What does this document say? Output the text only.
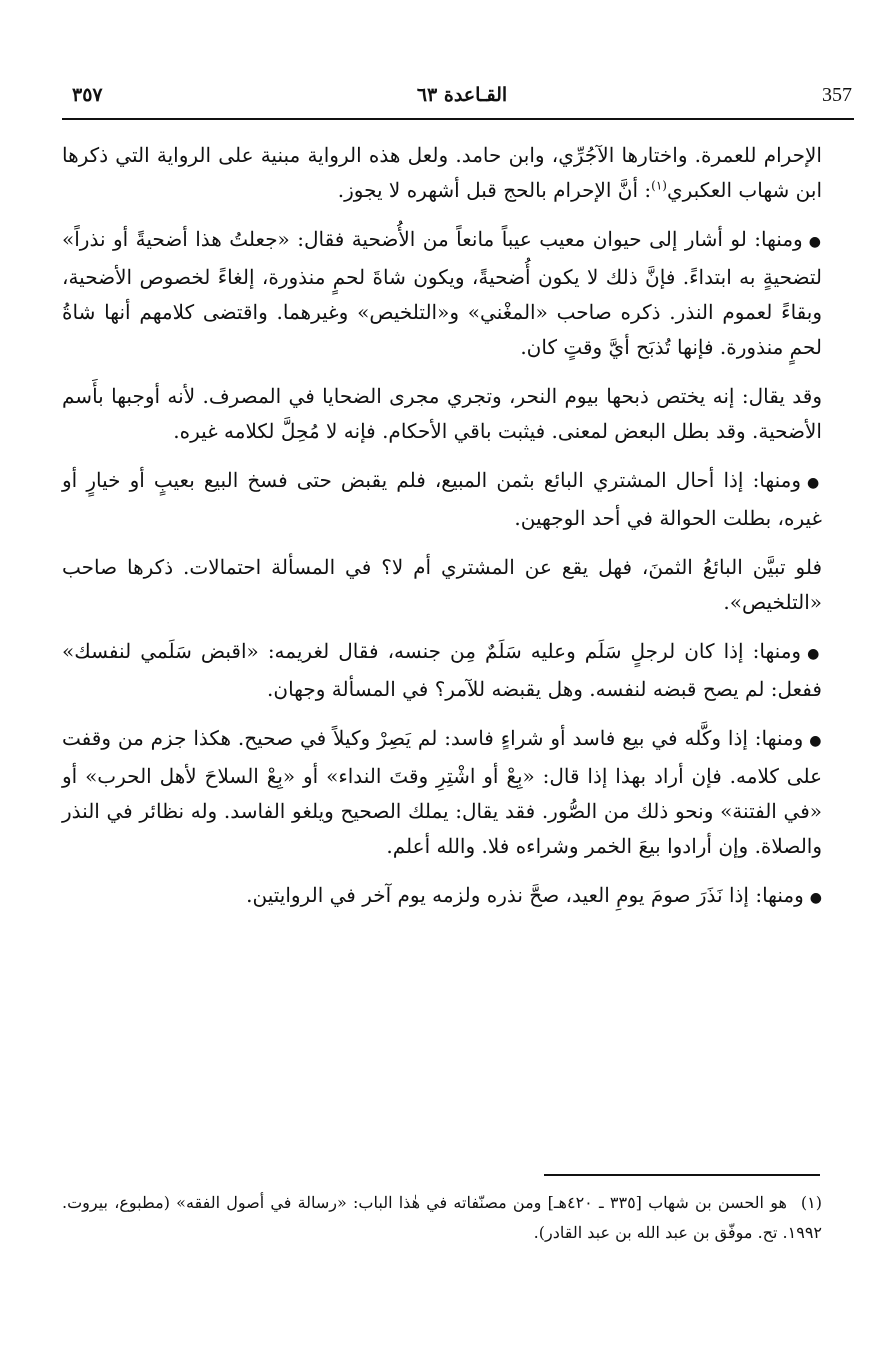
٣٥٧	القـاعدة ٦٣	357

الإحرام للعمرة. واختارها الآجُرِّي، وابن حامد. ولعل هذه الرواية مبنية على الرواية التي ذكرها ابن شهاب العكبري$^{(١)}$: أنَّ الإحرام بالحج قبل أشهره لا يجوز.

●ومنها: لو أشار إلى حيوان معيب عيباً مانعاً من الأُضحية فقال: «جعلتُ هذا أضحيةً أو نذراً» لتضحيةٍ به ابتداءً. فإنَّ ذلك لا يكون أُضحيةً، ويكون شاةَ لحمٍ منذورة، إلغاءً لخصوص الأضحية، وبقاءً لعموم النذر. ذكره صاحب «المغْني» و«التلخيص» وغيرهما. واقتضى كلامهم أنها شاةُ لحمٍ منذورة. فإنها تُذبَح أيَّ وقتٍ كان.

وقد يقال: إنه يختص ذبحها بيوم النحر، وتجري مجرى الضحايا في المصرف. لأنه أوجبها بأَسم الأضحية. وقد بطل البعض لمعنى. فيثبت باقي الأحكام. فإنه لا مُحِلَّ لكلامه غيره.

●ومنها: إذا أحال المشتري البائع بثمن المبيع، فلم يقبض حتى فسخ البيع بعيبٍ أو خيارٍ أو غيره، بطلت الحوالة في أحد الوجهين.

فلو تبيَّن البائعُ الثمنَ، فهل يقع عن المشتري أم لا؟ في المسألة احتمالات. ذكرها صاحب «التلخيص».

●ومنها: إذا كان لرجلٍ سَلَم وعليه سَلَمٌ مِن جنسه، فقال لغريمه: «اقبض سَلَمي لنفسك» ففعل: لم يصح قبضه لنفسه. وهل يقبضه للآمر؟ في المسألة وجهان.

●ومنها: إذا وكَّله في بيع فاسد أو شراءٍ فاسد: لم يَصِرْ وكيلاً في صحيح. هكذا جزم من وقفت على كلامه. فإن أراد بهذا إذا قال: «بِعْ أو اشْتِرِ وقتَ النداء» أو «بِعْ السلاحَ لأهل الحرب» أو «في الفتنة» ونحو ذلك من الصُّور. فقد يقال: يملك الصحيح ويلغو الفاسد. وله نظائر في النذر والصلاة. وإن أرادوا بيعَ الخمر وشراءه فلا. والله أعلم.

●ومنها: إذا نَذَرَ صومَ يومِ العيد، صحَّ نذره ولزمه يوم آخر في الروايتين.

(١)هو الحسن بن شهاب [٣٣٥ ـ ٤٢٠هـ] ومن مصنّفاته في هٰذا الباب: «رسالة في أصول الفقه» (مطبوع، بيروت. ١٩٩٢. تح. موفّق بن عبد الله بن عبد القادر).
